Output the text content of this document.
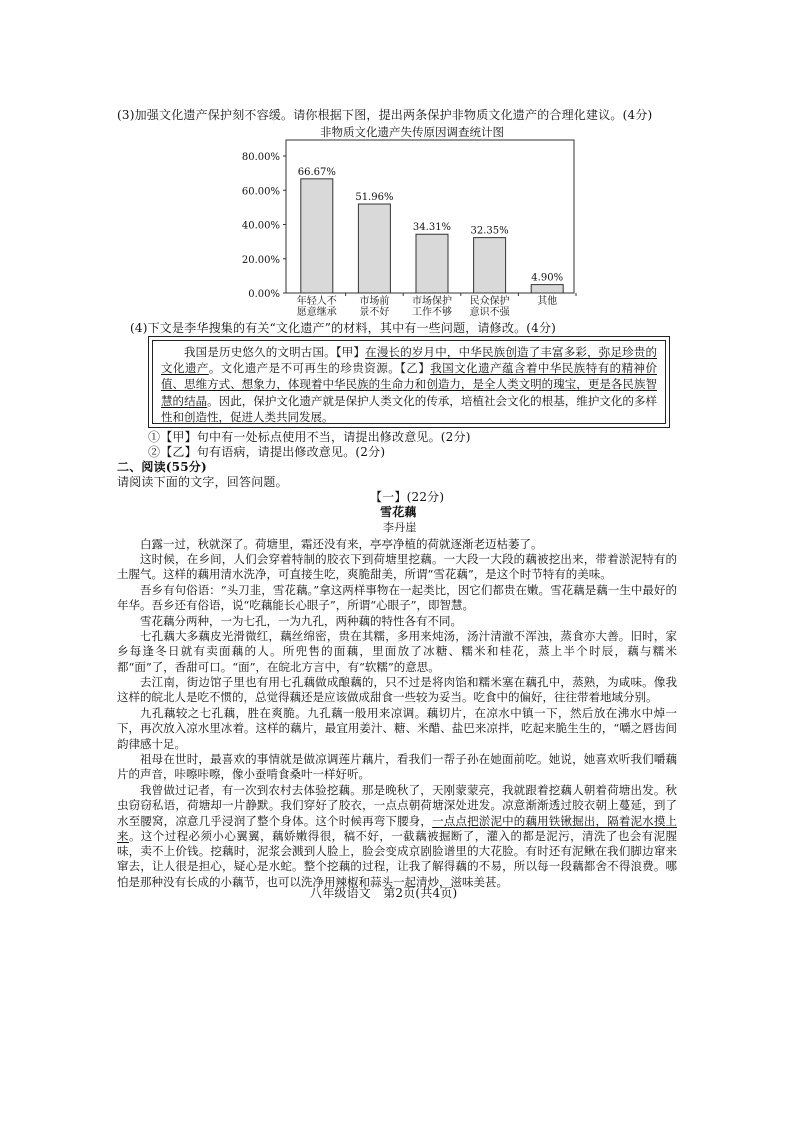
(3)加强文化遗产保护刻不容缓。请你根据下图，提出两条保护非物质文化遗产的合理化建议。(4分)
非物质文化遗产失传原因调查统计图
0.00%
20.00%
40.00%
60.00%
80.00%
66.67%
年轻人不
愿意继承
51.96%
市场前
景不好
34.31%
市场保护
工作不够
32.35%
民众保护
意识不强
4.90%
其他
(4)下文是李华搜集的有关“文化遗产”的材料，其中有一些问题，请修改。(4分)
我国是历史悠久的文明古国。【甲】在漫长的岁月中，中华民族创造了丰富多彩，弥足珍贵的文化遗产。文化遗产是不可再生的珍贵资源。【乙】我国文化遗产蕴含着中华民族特有的精神价值、思维方式、想象力，体现着中华民族的生命力和创造力，是全人类文明的瑰宝，更是各民族智慧的结晶。因此，保护文化遗产就是保护人类文化的传承，培植社会文化的根基，维护文化的多样性和创造性，促进人类共同发展。
①【甲】句中有一处标点使用不当，请提出修改意见。(2分)
②【乙】句有语病，请提出修改意见。(2分)
二、阅读(55分)
请阅读下面的文字，回答问题。
【一】(22分)
雪花藕
李丹崖
白露一过，秋就深了。荷塘里，霜还没有来，亭亭净植的荷就逐渐老迈枯萎了。
这时候，在乡间，人们会穿着特制的胶衣下到荷塘里挖藕。一大段一大段的藕被挖出来，带着淤泥特有的土腥气。这样的藕用清水洗净，可直接生吃，爽脆甜美，所谓“雪花藕”，是这个时节特有的美味。
吾乡有句俗语：“头刀韭，雪花藕。”拿这两样事物在一起类比，因它们都贵在嫩。雪花藕是藕一生中最好的年华。吾乡还有俗语，说“吃藕能长心眼子”，所谓“心眼子”，即智慧。
雪花藕分两种，一为七孔，一为九孔，两种藕的特性各有不同。
七孔藕大多藕皮光滑微红，藕丝绵密，贵在其糯，多用来炖汤，汤汁清澈不浑浊，蒸食亦大善。旧时，家乡每逢冬日就有卖面藕的人。所兜售的面藕，里面放了冰糖、糯米和桂花，蒸上半个时辰，藕与糯米都“面”了，香甜可口。“面”，在皖北方言中，有“软糯”的意思。
去江南，街边馆子里也有用七孔藕做成酿藕的，只不过是将肉馅和糯米塞在藕孔中，蒸熟，为咸味。像我这样的皖北人是吃不惯的，总觉得藕还是应该做成甜食一些较为妥当。吃食中的偏好，往往带着地域分别。
九孔藕较之七孔藕，胜在爽脆。九孔藕一般用来凉调。藕切片，在凉水中镇一下，然后放在沸水中焯一下，再次放入凉水里冰着。这样的藕片，最宜用姜汁、糖、米醋、盐巴来凉拌，吃起来脆生生的，“嚼之唇齿间韵律感十足。
祖母在世时，最喜欢的事情就是做凉调莲片藕片，看我们一帮子孙在她面前吃。她说，她喜欢听我们嚼藕片的声音，咔嚓咔嚓，像小蚕啃食桑叶一样好听。
我曾做过记者，有一次到农村去体验挖藕。那是晚秋了，天刚蒙蒙亮，我就跟着挖藕人朝着荷塘出发。秋虫窃窃私语，荷塘却一片静默。我们穿好了胶衣，一点点朝荷塘深处进发。凉意渐渐透过胶衣朝上蔓延，到了水至腰窝，凉意几乎浸润了整个身体。这个时候再弯下腰身，一点点把淤泥中的藕用铁锹掘出，隔着泥水摸上来。这个过程必须小心翼翼，藕娇嫩得很，稿不好，一截藕被掘断了，灌入的都是泥污，清洗了也会有泥腥味，卖不上价钱。挖藕时，泥浆会溅到人脸上，脸会变成京剧脸谱里的大花脸。有时还有泥鳅在我们脚边窜来窜去，让人很是担心，疑心是水蛇。整个挖藕的过程，让我了解得藕的不易，所以每一段藕都舍不得浪费。哪怕是那种没有长成的小藕节，也可以洗净用辣椒和蒜头一起清炒，滋味美甚。
八年级语文　第2页(共4页)
